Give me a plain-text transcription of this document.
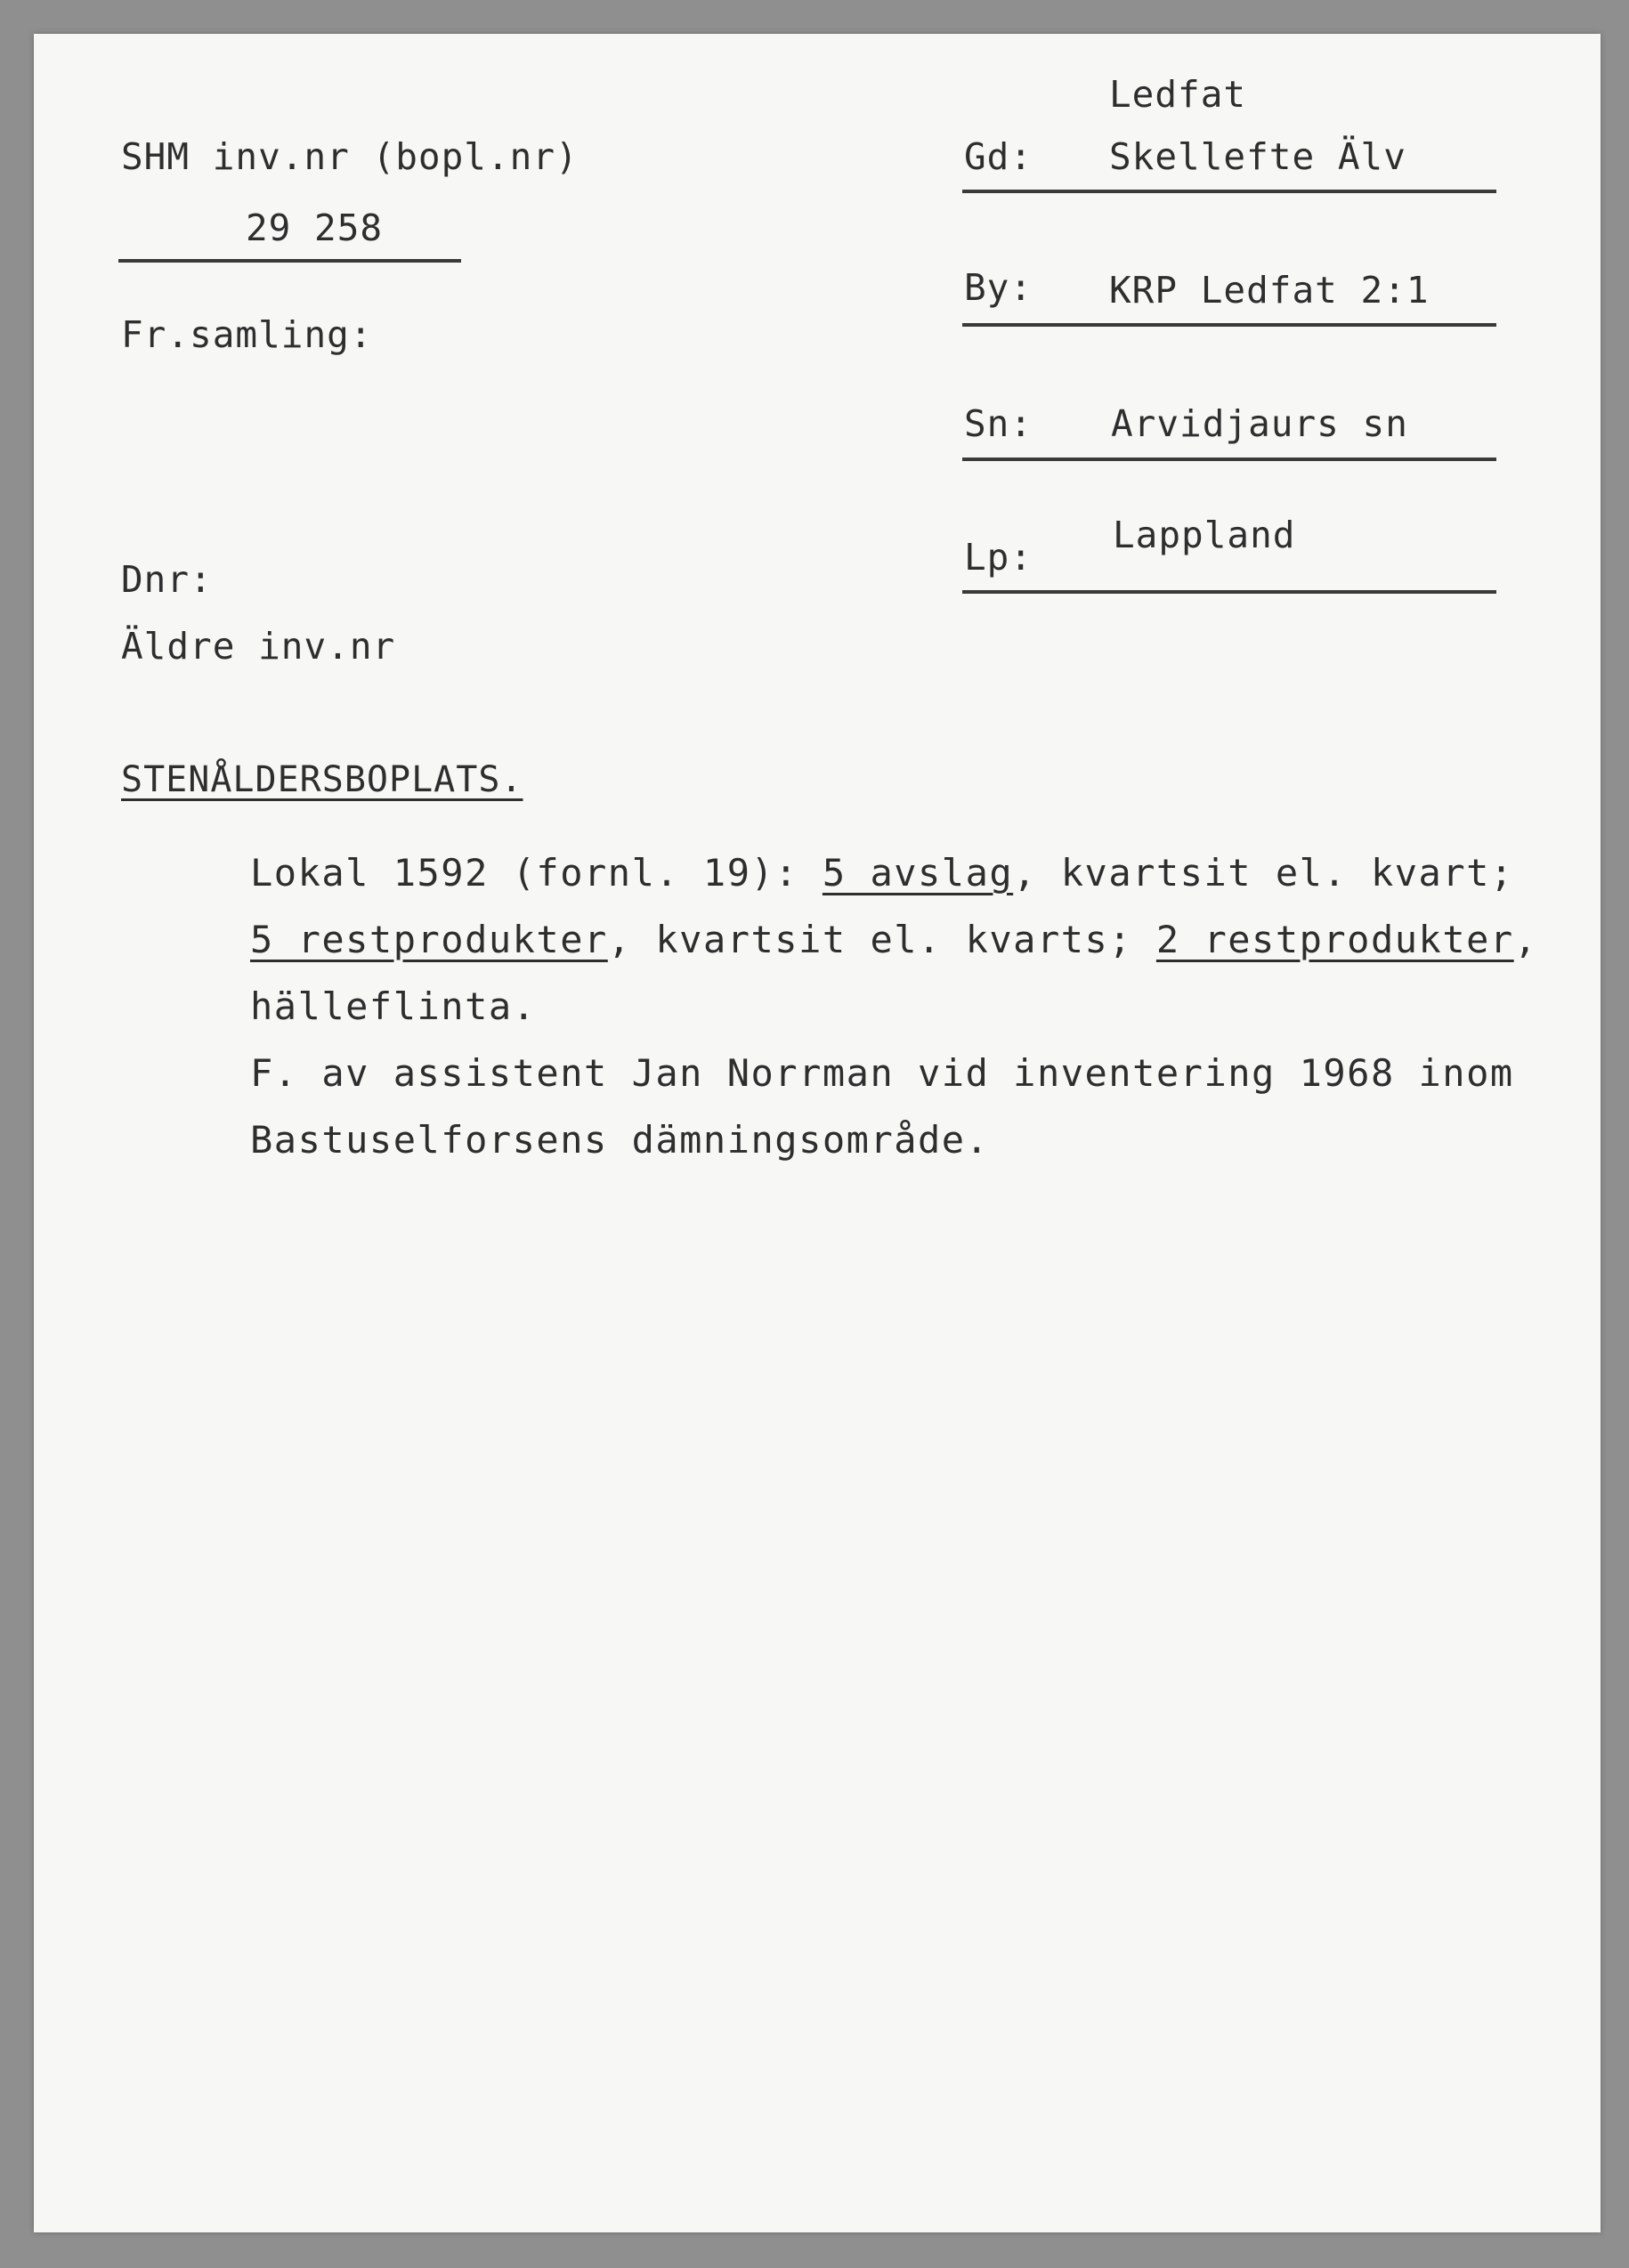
SHM inv.nr (bopl.nr)
29 258
Fr.samling:
Dnr:
Äldre inv.nr
Ledfat
Gd: Skellefte Älv
By: KRP Ledfat 2:1
Sn: Arvidjaurs sn
Lp:
Lappland
STENÅLDERSBOPLATS.
Lokal 1592 (fornl. 19): 5 avslag, kvartsit el. kvart;
5 restprodukter, kvartsit el. kvarts; 2 restprodukter,
hälleflinta.
F. av assistent Jan Norrman vid inventering 1968 inom
Bastuselforsens dämningsområde.
